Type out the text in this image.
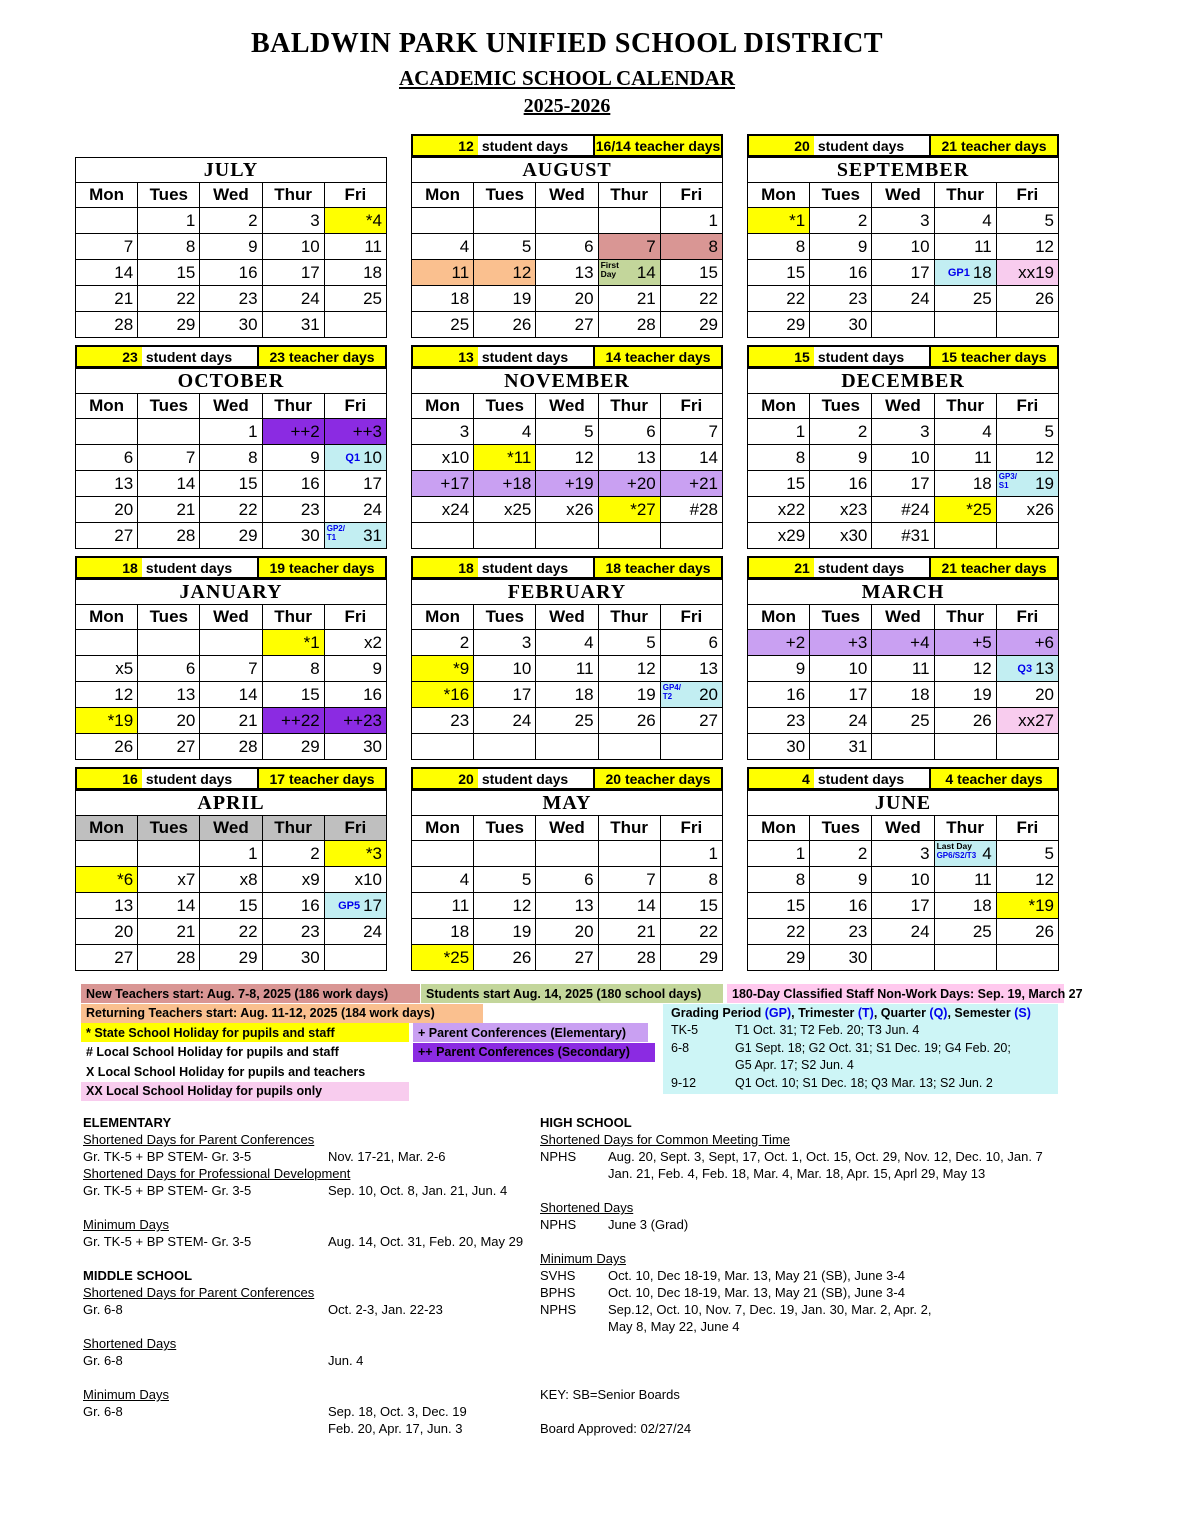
BALDWIN PARK UNIFIED SCHOOL DISTRICT
ACADEMIC SCHOOL CALENDAR
2025-2026
JULY				
Mon	Tues	Wed	Thur	Fri

	1	2	3	*4

7	8	9	10	11

14	15	16	17	18

21	22	23	24	25

28	29	30	31	

12 student days 16/14 teacher days
AUGUST				
Mon	Tues	Wed	Thur	Fri

				1

4	5	6	7	8

11	12	13	First
Day 14	15

18	19	20	21	22

25	26	27	28	29
20 student days	21 teacher days
SEPTEMBER				
Mon	Tues	Wed	Thur	Fri

*1	2	3	4	5

8	9	10	11	12

15	16	17	GP1 18	xx19

22	23	24	25	26

29	30			

23 student days	23 teacher days
OCTOBER				
Mon	Tues	Wed	Thur	Fri

		1	++2	++3

6	7	8	9	Q1 10

13	14	15	16	17

20	21	22	23	24

27	28	29	30	GP2/
T1 31
13 student days	14 teacher days
NOVEMBER				
Mon	Tues	Wed	Thur	Fri

3	4	5	6	7

x10	*11	12	13	14

+17	+18	+19	+20	+21

x24	x25	x26	*27	#28

15 student days	15 teacher days
DECEMBER				
Mon	Tues	Wed	Thur	Fri

1	2	3	4	5

8	9	10	11	12

15	16	17	18	GP3/
S1 19

x22	x23	#24	*25	x26

x29	x30	#31		

18 student days	19 teacher days
JANUARY				
Mon	Tues	Wed	Thur	Fri

			*1	x2

x5	6	7	8	9

12	13	14	15	16

*19	20	21	++22	++23

26	27	28	29	30
18 student days	18 teacher days
FEBRUARY				
Mon	Tues	Wed	Thur	Fri

2	3	4	5	6

*9	10	11	12	13

*16	17	18	19	GP4/
T2 20

23	24	25	26	27

21 student days	21 teacher days
MARCH				
Mon	Tues	Wed	Thur	Fri

+2	+3	+4	+5	+6

9	10	11	12	Q3 13

16	17	18	19	20

23	24	25	26	xx27

30	31			

16 student days	17 teacher days
APRIL				
Mon	Tues	Wed	Thur	Fri

		1	2	*3

*6	x7	x8	x9	x10

13	14	15	16	GP5 17

20	21	22	23	24

27	28	29	30	

20 student days	20 teacher days
MAY				
Mon	Tues	Wed	Thur	Fri

				1

4	5	6	7	8

11	12	13	14	15

18	19	20	21	22

*25	26	27	28	29
4 student days	4 teacher days
JUNE				
Mon	Tues	Wed	Thur	Fri

1	2	3	Last Day
GP6/S2/T3 4	5

8	9	10	11	12

15	16	17	18	*19

22	23	24	25	26

29	30			

New Teachers start: Aug. 7-8, 2025 (186 work days)	Students start Aug. 14, 2025 (180 school days)	180-Day Classified Staff Non-Work Days: Sep. 19, March 27
Returning Teachers start: Aug. 11-12, 2025 (184 work days)
* State School Holiday for pupils and staff	+ Parent Conferences (Elementary)
# Local School Holiday for pupils and staff	++ Parent Conferences (Secondary)
X Local School Holiday for pupils and teachers
XX Local School Holiday for pupils only
Grading Period (GP), Trimester (T), Quarter (Q), Semester (S)
TK-5	T1 Oct. 31; T2 Feb. 20; T3 Jun. 4
6-8	G1 Sept. 18; G2 Oct. 31; S1 Dec. 19; G4 Feb. 20;
G5 Apr. 17; S2 Jun. 4
9-12	Q1 Oct. 10; S1 Dec. 18; Q3 Mar. 13; S2 Jun. 2
ELEMENTARY
Shortened Days for Parent Conferences
Gr. TK-5 + BP STEM- Gr. 3-5	Nov. 17-21, Mar. 2-6
Shortened Days for Professional Development
Gr. TK-5 + BP STEM- Gr. 3-5	Sep. 10, Oct. 8, Jan. 21, Jun. 4

Minimum Days
Gr. TK-5 + BP STEM- Gr. 3-5	Aug. 14, Oct. 31, Feb. 20, May 29

MIDDLE SCHOOL
Shortened Days for Parent Conferences
Gr. 6-8	Oct. 2-3, Jan. 22-23

Shortened Days
Gr. 6-8	Jun. 4

Minimum Days
Gr. 6-8	Sep. 18, Oct. 3, Dec. 19
Feb. 20, Apr. 17, Jun. 3
HIGH SCHOOL
Shortened Days for Common Meeting Time
NPHS	Aug. 20, Sept. 3, Sept, 17, Oct. 1, Oct. 15, Oct. 29, Nov. 12, Dec. 10, Jan. 7
Jan. 21, Feb. 4, Feb. 18, Mar. 4, Mar. 18, Apr. 15, Aprl 29, May 13

Shortened Days
NPHS	June 3 (Grad)

Minimum Days
SVHS	Oct. 10, Dec 18-19, Mar. 13, May 21 (SB), June 3-4
BPHS	Oct. 10, Dec 18-19, Mar. 13, May 21 (SB), June 3-4
NPHS	Sep.12, Oct. 10, Nov. 7, Dec. 19, Jan. 30, Mar. 2, Apr. 2,
May 8, May 22, June 4

KEY: SB=Senior Boards

Board Approved: 02/27/24
